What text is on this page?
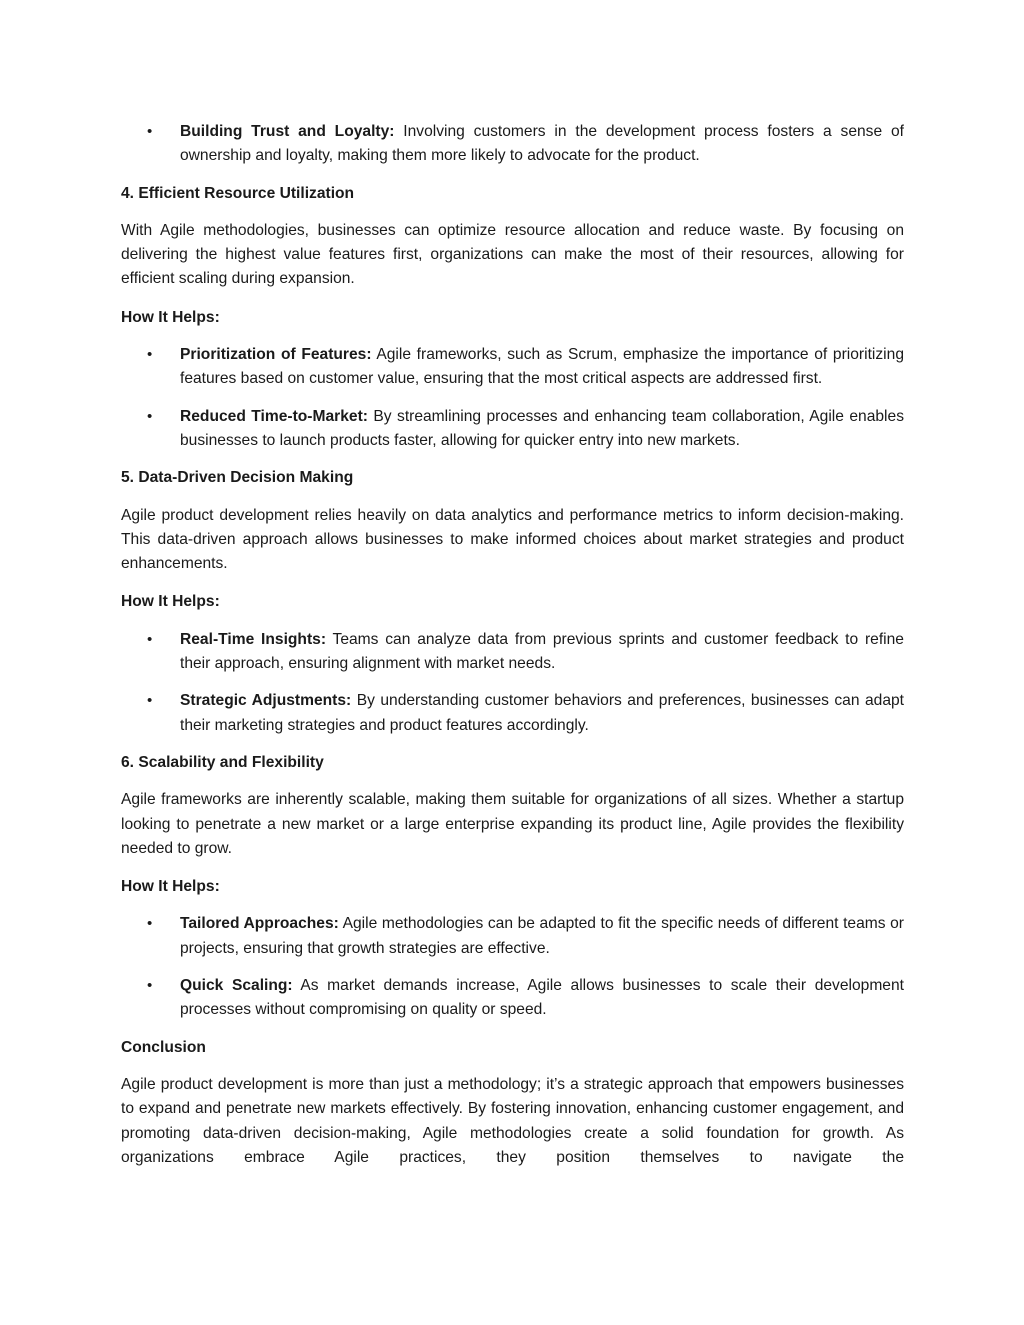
• Building Trust and Loyalty: Involving customers in the development process fosters a sense of ownership and loyalty, making them more likely to advocate for the product.

4. Efficient Resource Utilization

With Agile methodologies, businesses can optimize resource allocation and reduce waste. By focusing on delivering the highest value features first, organizations can make the most of their resources, allowing for efficient scaling during expansion.

How It Helps:

• Prioritization of Features: Agile frameworks, such as Scrum, emphasize the importance of prioritizing features based on customer value, ensuring that the most critical aspects are addressed first.
• Reduced Time-to-Market: By streamlining processes and enhancing team collaboration, Agile enables businesses to launch products faster, allowing for quicker entry into new markets.

5. Data-Driven Decision Making

Agile product development relies heavily on data analytics and performance metrics to inform decision-making. This data-driven approach allows businesses to make informed choices about market strategies and product enhancements.

How It Helps:

• Real-Time Insights: Teams can analyze data from previous sprints and customer feedback to refine their approach, ensuring alignment with market needs.
• Strategic Adjustments: By understanding customer behaviors and preferences, businesses can adapt their marketing strategies and product features accordingly.

6. Scalability and Flexibility

Agile frameworks are inherently scalable, making them suitable for organizations of all sizes. Whether a startup looking to penetrate a new market or a large enterprise expanding its product line, Agile provides the flexibility needed to grow.

How It Helps:

• Tailored Approaches: Agile methodologies can be adapted to fit the specific needs of different teams or projects, ensuring that growth strategies are effective.
• Quick Scaling: As market demands increase, Agile allows businesses to scale their development processes without compromising on quality or speed.

Conclusion

Agile product development is more than just a methodology; it’s a strategic approach that empowers businesses to expand and penetrate new markets effectively. By fostering innovation, enhancing customer engagement, and promoting data-driven decision-making, Agile methodologies create a solid foundation for growth. As organizations embrace Agile practices, they position themselves to navigate the
